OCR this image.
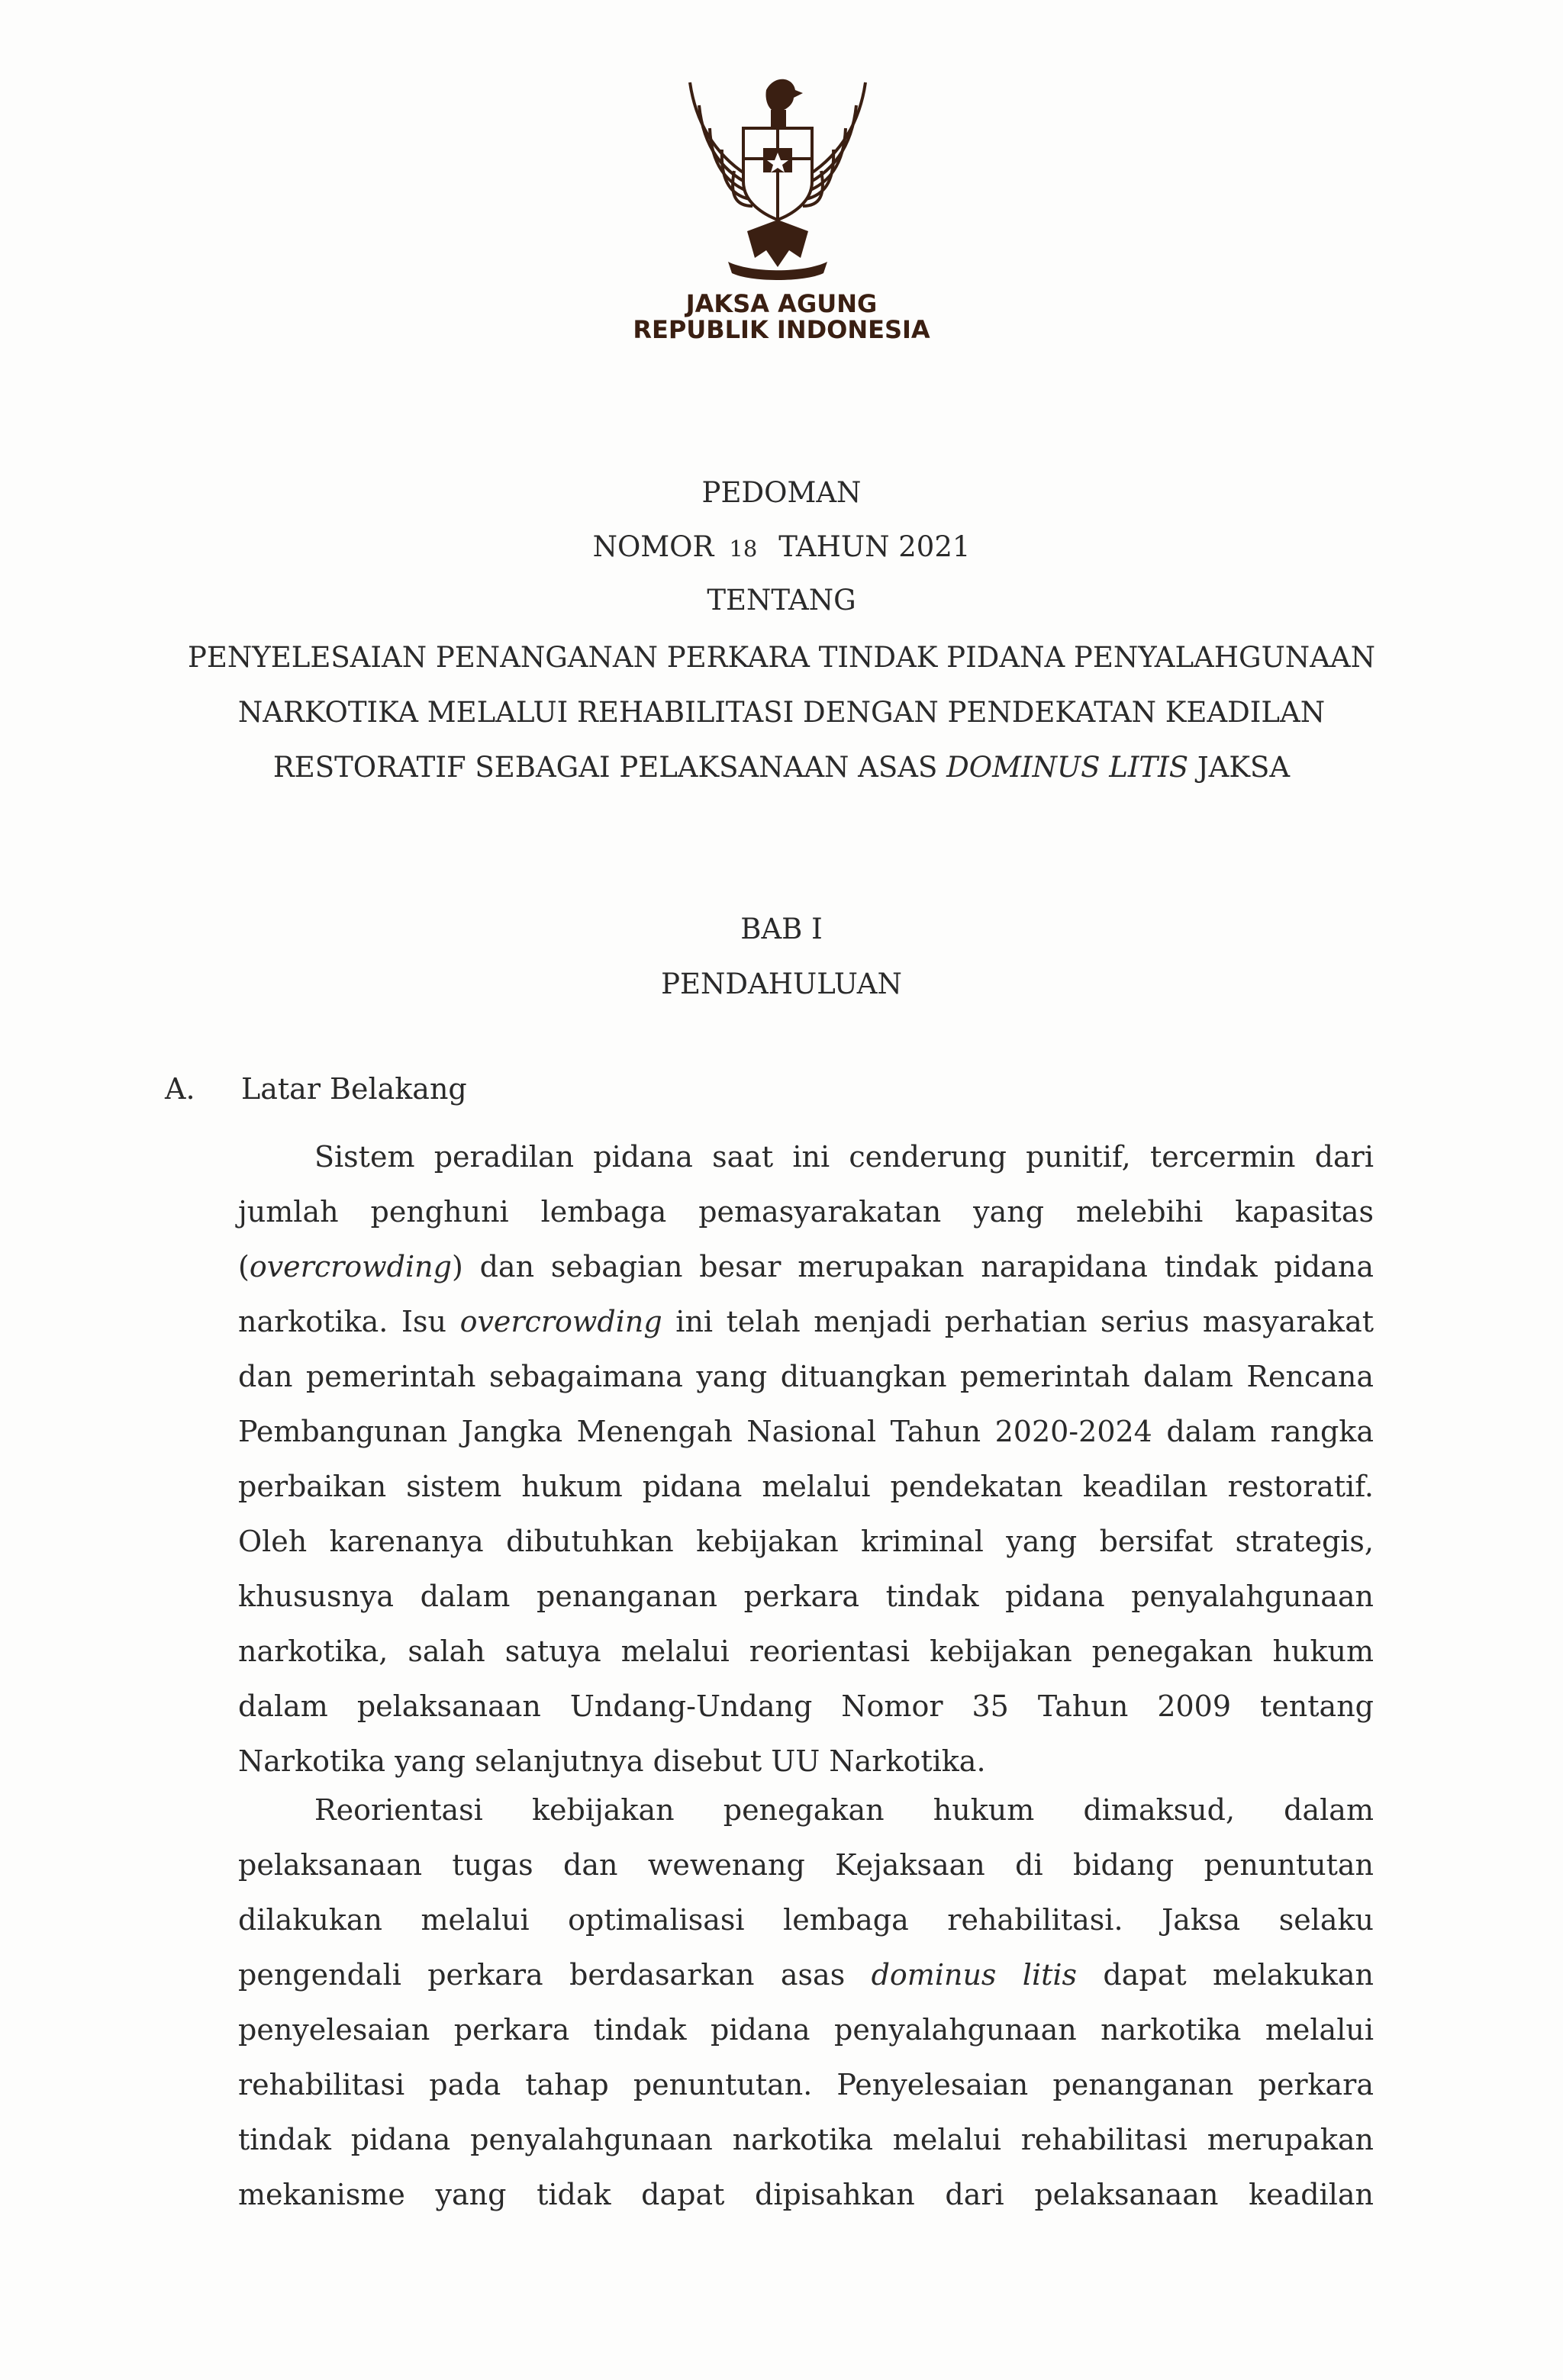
JAKSA AGUNG
REPUBLIK INDONESIA
PEDOMAN
NOMOR 18 TAHUN 2021
TENTANG
PENYELESAIAN PENANGANAN PERKARA TINDAK PIDANA PENYALAHGUNAAN
NARKOTIKA MELALUI REHABILITASI DENGAN PENDEKATAN KEADILAN
RESTORATIF SEBAGAI PELAKSANAAN ASAS DOMINUS LITIS JAKSA
BAB I
PENDAHULUAN
A. Latar Belakang
Sistem peradilan pidana saat ini cenderung punitif, tercermin dari
jumlah penghuni lembaga pemasyarakatan yang melebihi kapasitas
(overcrowding) dan sebagian besar merupakan narapidana tindak pidana
narkotika. Isu overcrowding ini telah menjadi perhatian serius masyarakat
dan pemerintah sebagaimana yang dituangkan pemerintah dalam Rencana
Pembangunan Jangka Menengah Nasional Tahun 2020-2024 dalam rangka
perbaikan sistem hukum pidana melalui pendekatan keadilan restoratif.
Oleh karenanya dibutuhkan kebijakan kriminal yang bersifat strategis,
khususnya dalam penanganan perkara tindak pidana penyalahgunaan
narkotika, salah satuya melalui reorientasi kebijakan penegakan hukum
dalam pelaksanaan Undang-Undang Nomor 35 Tahun 2009 tentang
Narkotika yang selanjutnya disebut UU Narkotika.
Reorientasi kebijakan penegakan hukum dimaksud, dalam
pelaksanaan tugas dan wewenang Kejaksaan di bidang penuntutan
dilakukan melalui optimalisasi lembaga rehabilitasi. Jaksa selaku
pengendali perkara berdasarkan asas dominus litis dapat melakukan
penyelesaian perkara tindak pidana penyalahgunaan narkotika melalui
rehabilitasi pada tahap penuntutan. Penyelesaian penanganan perkara
tindak pidana penyalahgunaan narkotika melalui rehabilitasi merupakan
mekanisme yang tidak dapat dipisahkan dari pelaksanaan keadilan
